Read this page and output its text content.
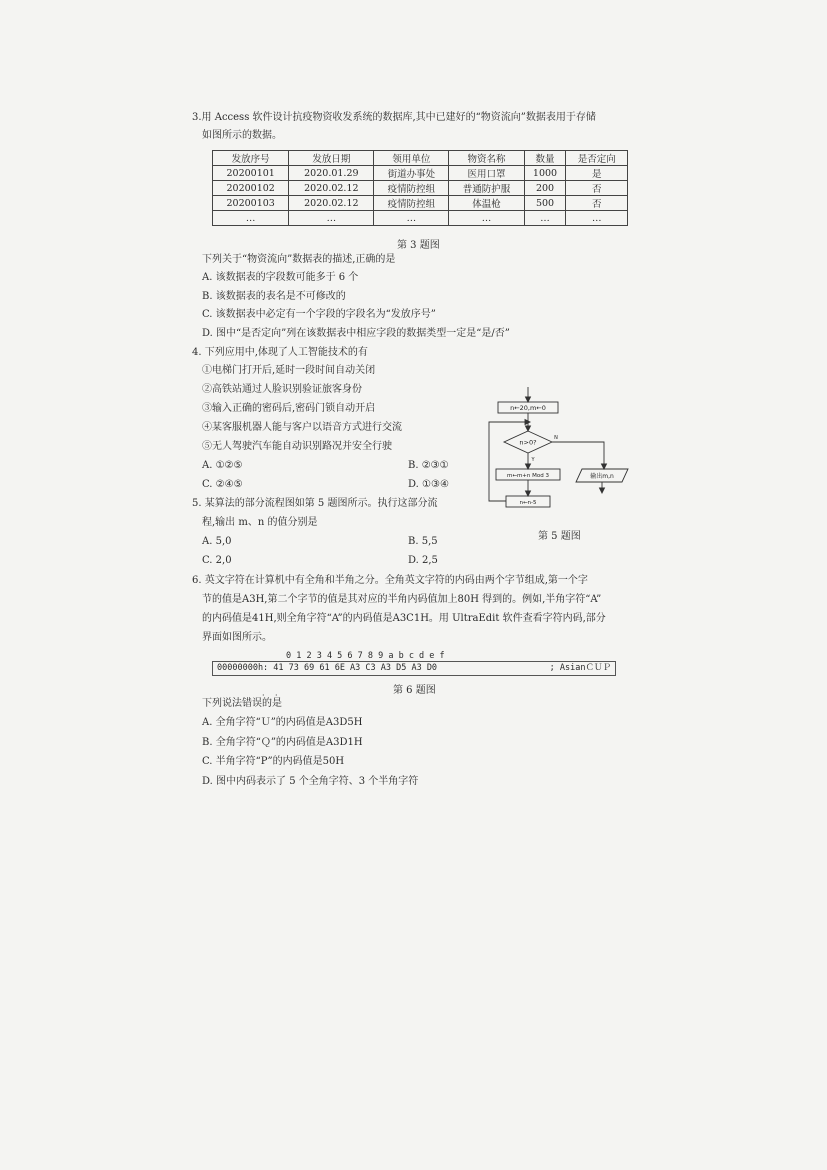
3.用 Access 软件设计抗疫物资收发系统的数据库,其中已建好的“物资流向”数据表用于存储
如图所示的数据。
发放序号	发放日期	领用单位	物资名称	数量	是否定向
20200101	2020.01.29	街道办事处	医用口罩	1000	是
20200102	2020.02.12	疫情防控组	普通防护服	200	否
20200103	2020.02.12	疫情防控组	体温枪	500	否
…	…	…	…	…	…
第 3 题图
下列关于“物资流向”数据表的描述,正确的是
A. 该数据表的字段数可能多于 6 个
B. 该数据表的表名是不可修改的
C. 该数据表中必定有一个字段的字段名为“发放序号”
D. 图中“是否定向”列在该数据表中相应字段的数据类型一定是“是/否”
4. 下列应用中,体现了人工智能技术的有
①电梯门打开后,延时一段时间自动关闭
②高铁站通过人脸识别验证旅客身份
③输入正确的密码后,密码门锁自动开启
④某客服机器人能与客户以语音方式进行交流
⑤无人驾驶汽车能自动识别路况并安全行驶
A. ①②⑤	B. ②③①
C. ②④⑤	D. ①③④
5. 某算法的部分流程图如第 5 题图所示。执行这部分流
程,输出 m、n 的值分别是
A. 5,0	B. 5,5
C. 2,0	D. 2,5
n←20,m←0
n>0?
Y
N
m←m+n Mod 3
n←n-5
输出m,n
第 5 题图
6. 英文字符在计算机中有全角和半角之分。全角英文字符的内码由两个字节组成,第一个字
节的值是A3H,第二个字节的值是其对应的半角内码值加上80H 得到的。例如,半角字符“A”
的内码值是41H,则全角字符“A”的内码值是A3C1H。用 UltraEdit 软件查看字符内码,部分
界面如图所示。
0 1 2 3 4 5 6 7 8 9 a b c d e f
00000000h: 41 73 69 61 6E A3 C3 A3 D5 A3 D0	; AsianＣＵＰ
第 6 题图
下列说法错误的是
· ·
A. 全角字符“Ｕ”的内码值是A3D5H
B. 全角字符“Ｑ”的内码值是A3D1H
C. 半角字符“P”的内码值是50H
D. 图中内码表示了 5 个全角字符、3 个半角字符
